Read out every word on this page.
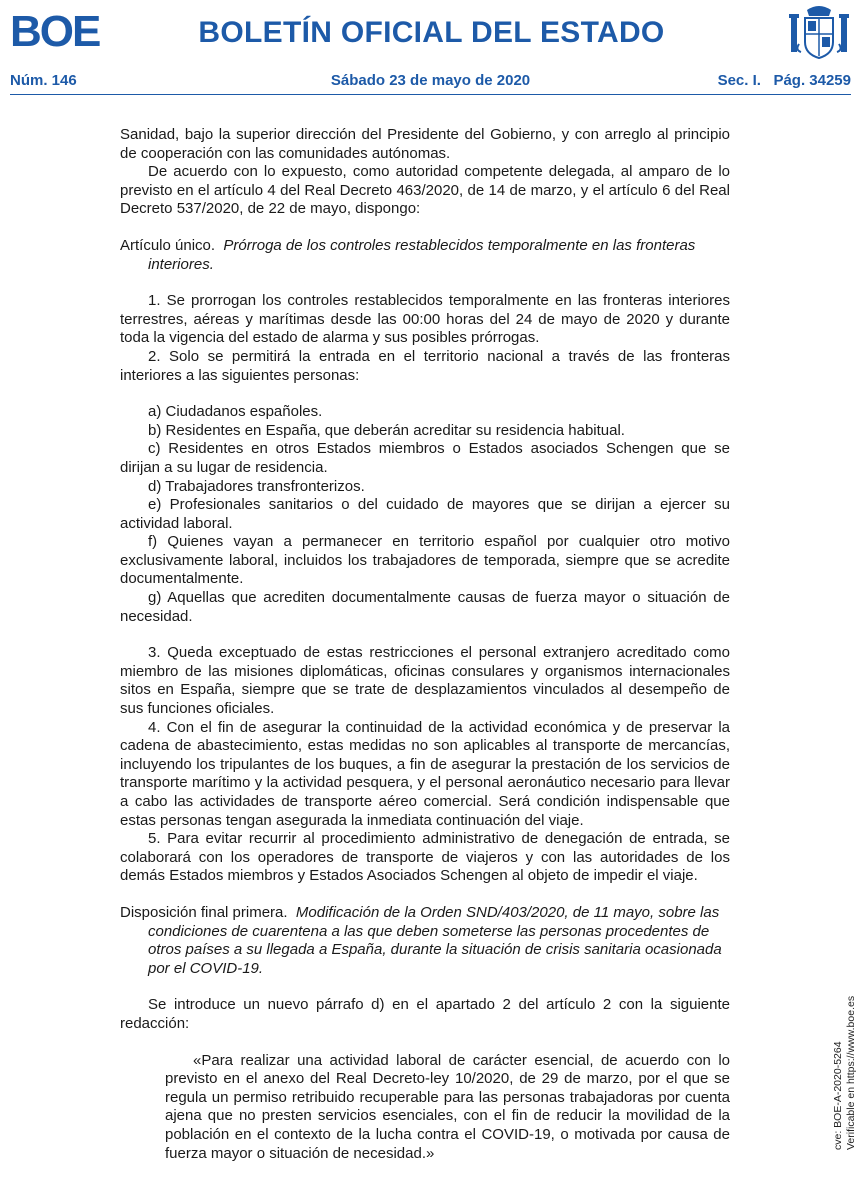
BOE	BOLETÍN OFICIAL DEL ESTADO
Núm. 146	Sábado 23 de mayo de 2020	Sec. I.   Pág. 34259

Sanidad, bajo la superior dirección del Presidente del Gobierno, y con arreglo al principio de cooperación con las comunidades autónomas.

De acuerdo con lo expuesto, como autoridad competente delegada, al amparo de lo previsto en el artículo 4 del Real Decreto 463/2020, de 14 de marzo, y el artículo 6 del Real Decreto 537/2020, de 22 de mayo, dispongo:

Artículo único. Prórroga de los controles restablecidos temporalmente en las fronteras interiores.

1. Se prorrogan los controles restablecidos temporalmente en las fronteras interiores terrestres, aéreas y marítimas desde las 00:00 horas del 24 de mayo de 2020 y durante toda la vigencia del estado de alarma y sus posibles prórrogas.

2. Solo se permitirá la entrada en el territorio nacional a través de las fronteras interiores a las siguientes personas:

a) Ciudadanos españoles.

b) Residentes en España, que deberán acreditar su residencia habitual.

c) Residentes en otros Estados miembros o Estados asociados Schengen que se dirijan a su lugar de residencia.

d) Trabajadores transfronterizos.

e) Profesionales sanitarios o del cuidado de mayores que se dirijan a ejercer su actividad laboral.

f) Quienes vayan a permanecer en territorio español por cualquier otro motivo exclusivamente laboral, incluidos los trabajadores de temporada, siempre que se acredite documentalmente.

g) Aquellas que acrediten documentalmente causas de fuerza mayor o situación de necesidad.

3. Queda exceptuado de estas restricciones el personal extranjero acreditado como miembro de las misiones diplomáticas, oficinas consulares y organismos internacionales sitos en España, siempre que se trate de desplazamientos vinculados al desempeño de sus funciones oficiales.

4. Con el fin de asegurar la continuidad de la actividad económica y de preservar la cadena de abastecimiento, estas medidas no son aplicables al transporte de mercancías, incluyendo los tripulantes de los buques, a fin de asegurar la prestación de los servicios de transporte marítimo y la actividad pesquera, y el personal aeronáutico necesario para llevar a cabo las actividades de transporte aéreo comercial. Será condición indispensable que estas personas tengan asegurada la inmediata continuación del viaje.

5. Para evitar recurrir al procedimiento administrativo de denegación de entrada, se colaborará con los operadores de transporte de viajeros y con las autoridades de los demás Estados miembros y Estados Asociados Schengen al objeto de impedir el viaje.

Disposición final primera. Modificación de la Orden SND/403/2020, de 11 mayo, sobre las condiciones de cuarentena a las que deben someterse las personas procedentes de otros países a su llegada a España, durante la situación de crisis sanitaria ocasionada por el COVID-19.

Se introduce un nuevo párrafo d) en el apartado 2 del artículo 2 con la siguiente redacción:

«Para realizar una actividad laboral de carácter esencial, de acuerdo con lo previsto en el anexo del Real Decreto-ley 10/2020, de 29 de marzo, por el que se regula un permiso retribuido recuperable para las personas trabajadoras por cuenta ajena que no presten servicios esenciales, con el fin de reducir la movilidad de la población en el contexto de la lucha contra el COVID-19, o motivada por causa de fuerza mayor o situación de necesidad.»

cve: BOE-A-2020-5264 Verificable en https://www.boe.es
